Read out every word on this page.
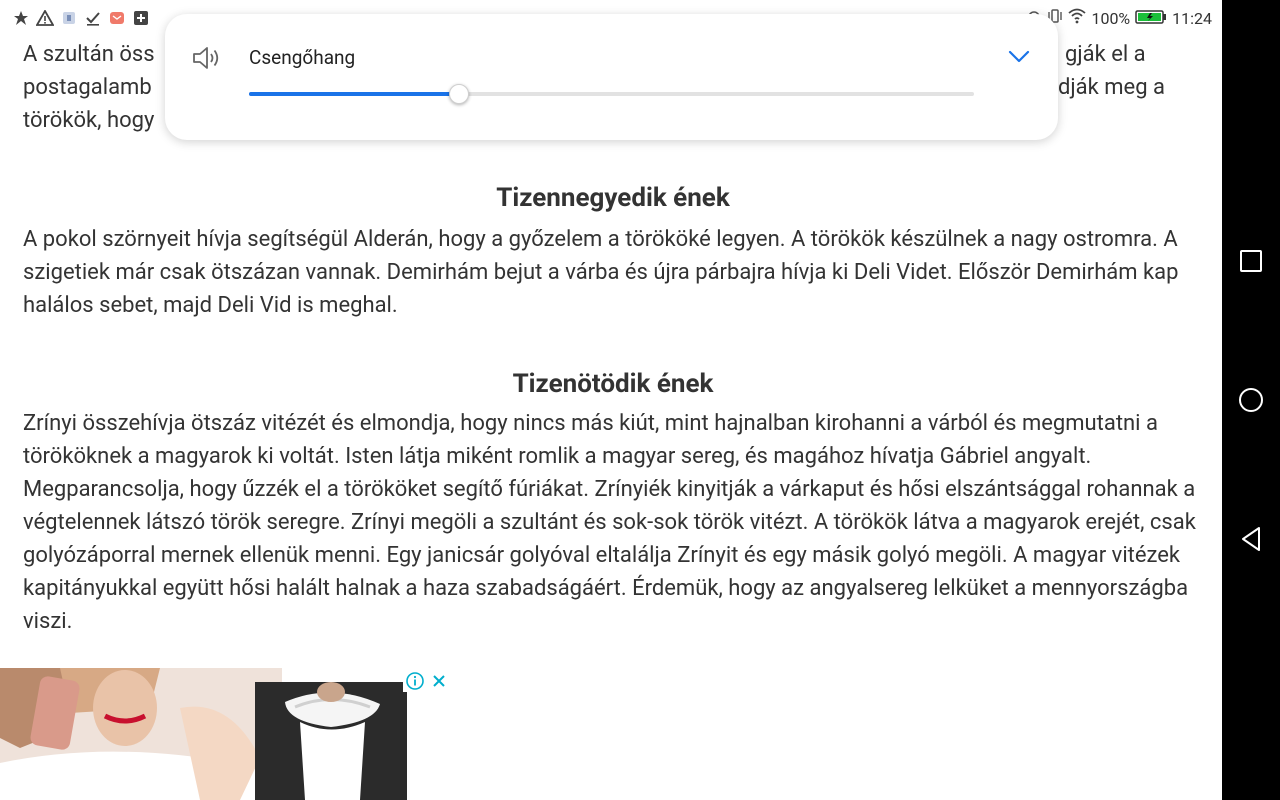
100%	11:24

A szultán öss	gják el a

postagalamb	dják meg a

törökök, hogy

Tizennegyedik ének

A pokol szörnyeit hívja segítségül Alderán, hogy a győzelem a törököké legyen. A törökök készülnek a nagy ostromra. A szigetiek már csak ötszázan vannak. Demirhám bejut a várba és újra párbajra hívja ki Deli Videt. Először Demirhám kap halálos sebet, majd Deli Vid is meghal.

Tizenötödik ének

Zrínyi összehívja ötszáz vitézét és elmondja, hogy nincs más kiút, mint hajnalban kirohanni a várból és megmutatni a törököknek a magyarok ki voltát. Isten látja miként romlik a magyar sereg, és magához hívatja Gábriel angyalt. Megparancsolja, hogy űzzék el a törököket segítő fúriákat. Zrínyiék kinyitják a várkaput és hősi elszántsággal rohannak a végtelennek látszó török seregre. Zrínyi megöli a szultánt és sok-sok török vitézt. A törökök látva a magyarok erejét, csak golyózáporral mernek ellenük menni. Egy janicsár golyóval eltalálja Zrínyit és egy másik golyó megöli. A magyar vitézek kapitányukkal együtt hősi halált halnak a haza szabadságáért. Érdemük, hogy az angyalsereg lelküket a mennyországba viszi.

Csengőhang
